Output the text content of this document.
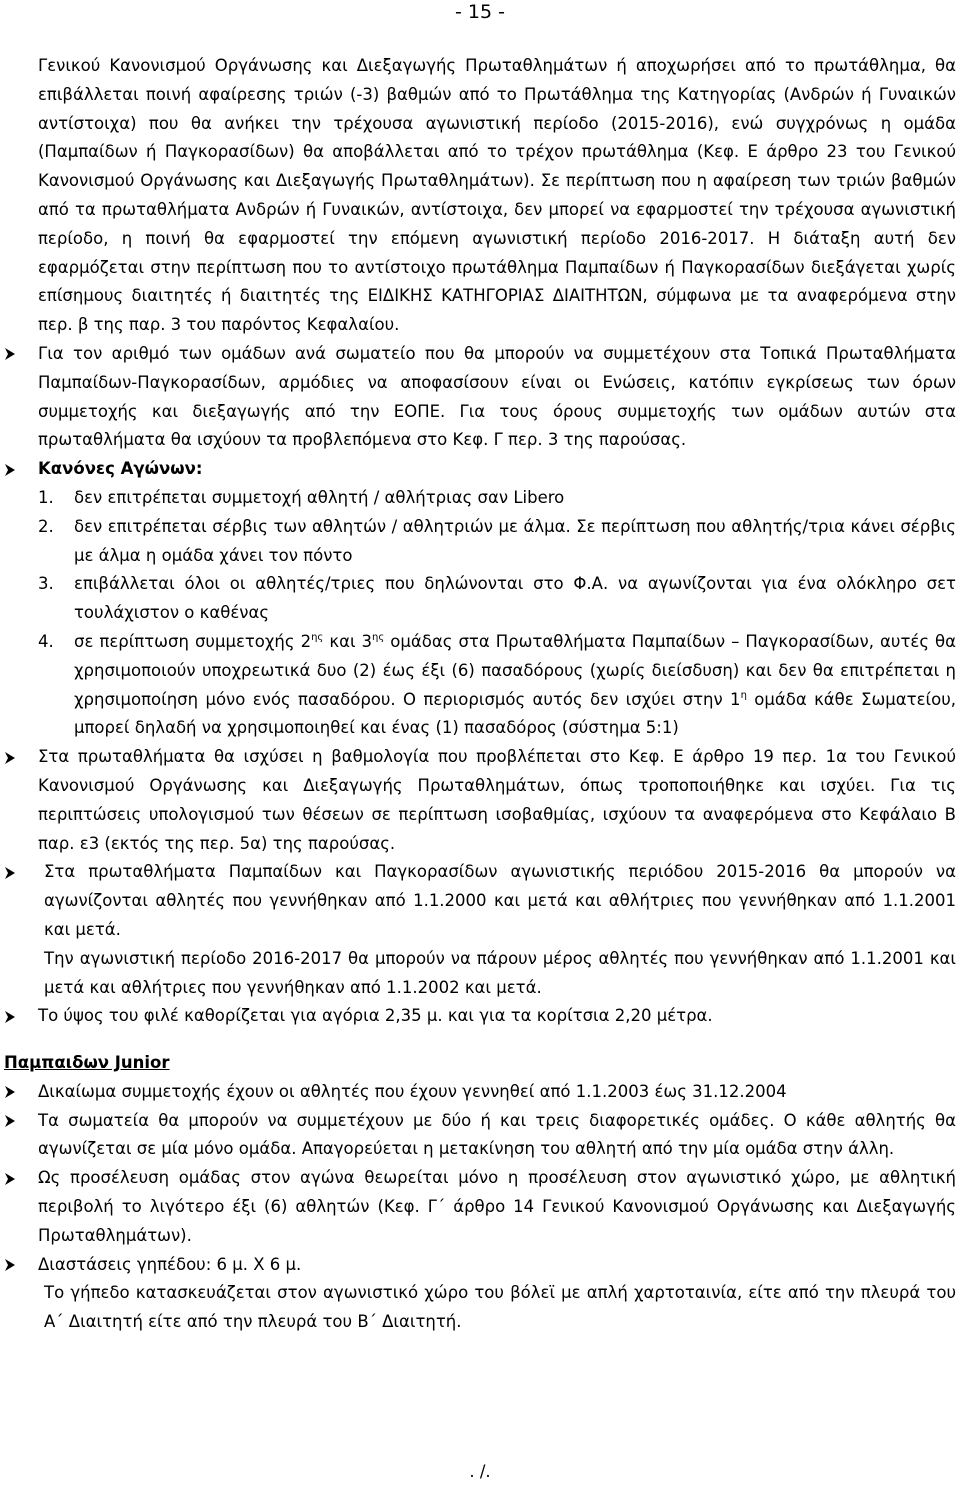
- 15 -

Γενικού Κανονισμού Οργάνωσης και Διεξαγωγής Πρωταθλημάτων ή αποχωρήσει από το πρωτάθλημα, θα επιβάλλεται ποινή αφαίρεσης τριών (-3) βαθμών από το Πρωτάθλημα της Κατηγορίας (Ανδρών ή Γυναικών αντίστοιχα) που θα ανήκει την τρέχουσα αγωνιστική περίοδο (2015-2016), ενώ συγχρόνως η ομάδα (Παμπαίδων ή Παγκορασίδων) θα αποβάλλεται από το τρέχον πρωτάθλημα (Κεφ. Ε άρθρο 23 του Γενικού Κανονισμού Οργάνωσης και Διεξαγωγής Πρωταθλημάτων). Σε περίπτωση που η αφαίρεση των τριών βαθμών από τα πρωταθλήματα Ανδρών ή Γυναικών, αντίστοιχα, δεν μπορεί να εφαρμοστεί την τρέχουσα αγωνιστική περίοδο, η ποινή θα εφαρμοστεί την επόμενη αγωνιστική περίοδο 2016-2017. Η διάταξη αυτή δεν εφαρμόζεται στην περίπτωση που το αντίστοιχο πρωτάθλημα Παμπαίδων ή Παγκορασίδων διεξάγεται χωρίς επίσημους διαιτητές ή διαιτητές της ΕΙΔΙΚΗΣ ΚΑΤΗΓΟΡΙΑΣ ΔΙΑΙΤΗΤΩΝ, σύμφωνα με τα αναφερόμενα στην περ. β της παρ. 3 του παρόντος Κεφαλαίου.

Για τον αριθμό των ομάδων ανά σωματείο που θα μπορούν να συμμετέχουν στα Τοπικά Πρωταθλήματα Παμπαίδων-Παγκορασίδων, αρμόδιες να αποφασίσουν είναι οι Ενώσεις, κατόπιν εγκρίσεως των όρων συμμετοχής και διεξαγωγής από την ΕΟΠΕ. Για τους όρους συμμετοχής των ομάδων αυτών στα πρωταθλήματα θα ισχύουν τα προβλεπόμενα στο Κεφ. Γ περ. 3 της παρούσας.

Κανόνες Αγώνων:

1. δεν επιτρέπεται συμμετοχή αθλητή / αθλήτριας σαν Libero
2. δεν επιτρέπεται σέρβις των αθλητών / αθλητριών με άλμα. Σε περίπτωση που αθλητής/τρια κάνει σέρβις με άλμα η ομάδα χάνει τον πόντο
3. επιβάλλεται όλοι οι αθλητές/τριες που δηλώνονται στο Φ.Α. να αγωνίζονται για ένα ολόκληρο σετ τουλάχιστον ο καθένας
4. σε περίπτωση συμμετοχής $2^{\eta\varsigma}$ και $3^{\eta\varsigma}$ ομάδας στα Πρωταθλήματα Παμπαίδων – Παγκορασίδων, αυτές θα χρησιμοποιούν υποχρεωτικά δυο (2) έως έξι (6) πασαδόρους (χωρίς διείσδυση) και δεν θα επιτρέπεται η χρησιμοποίηση μόνο ενός πασαδόρου. Ο περιορισμός αυτός δεν ισχύει στην $1^\eta$ ομάδα κάθε Σωματείου, μπορεί δηλαδή να χρησιμοποιηθεί και ένας (1) πασαδόρος (σύστημα 5:1)

Στα πρωταθλήματα θα ισχύσει η βαθμολογία που προβλέπεται στο Κεφ. Ε άρθρο 19 περ. 1α του Γενικού Κανονισμού Οργάνωσης και Διεξαγωγής Πρωταθλημάτων, όπως τροποποιήθηκε και ισχύει. Για τις περιπτώσεις υπολογισμού των θέσεων σε περίπτωση ισοβαθμίας, ισχύουν τα αναφερόμενα στο Κεφάλαιο Β παρ. ε3 (εκτός της περ. 5α) της παρούσας.

Στα πρωταθλήματα Παμπαίδων και Παγκορασίδων αγωνιστικής περιόδου 2015-2016 θα μπορούν να αγωνίζονται αθλητές που γεννήθηκαν από 1.1.2000 και μετά και αθλήτριες που γεννήθηκαν από 1.1.2001 και μετά.

Την αγωνιστική περίοδο 2016-2017 θα μπορούν να πάρουν μέρος αθλητές που γεννήθηκαν από 1.1.2001 και μετά και αθλήτριες που γεννήθηκαν από 1.1.2002 και μετά.

Το ύψος του φιλέ καθορίζεται για αγόρια 2,35 μ. και για τα κορίτσια 2,20 μέτρα.

Παμπαιδων Junior

Δικαίωμα συμμετοχής έχουν οι αθλητές που έχουν γεννηθεί από 1.1.2003 έως 31.12.2004

Τα σωματεία θα μπορούν να συμμετέχουν με δύο ή και τρεις διαφορετικές ομάδες. Ο κάθε αθλητής θα αγωνίζεται σε μία μόνο ομάδα. Απαγορεύεται η μετακίνηση του αθλητή από την μία ομάδα στην άλλη.

Ως προσέλευση ομάδας στον αγώνα θεωρείται μόνο η προσέλευση στον αγωνιστικό χώρο, με αθλητική περιβολή το λιγότερο έξι (6) αθλητών (Κεφ. Γ΄ άρθρο 14 Γενικού Κανονισμού Οργάνωσης και Διεξαγωγής Πρωταθλημάτων).

Διαστάσεις γηπέδου: 6 μ. Χ 6 μ.

Το γήπεδο κατασκευάζεται στον αγωνιστικό χώρο του βόλεϊ με απλή χαρτοταινία, είτε από την πλευρά του Α΄ Διαιτητή είτε από την πλευρά του Β΄ Διαιτητή.

. /.
